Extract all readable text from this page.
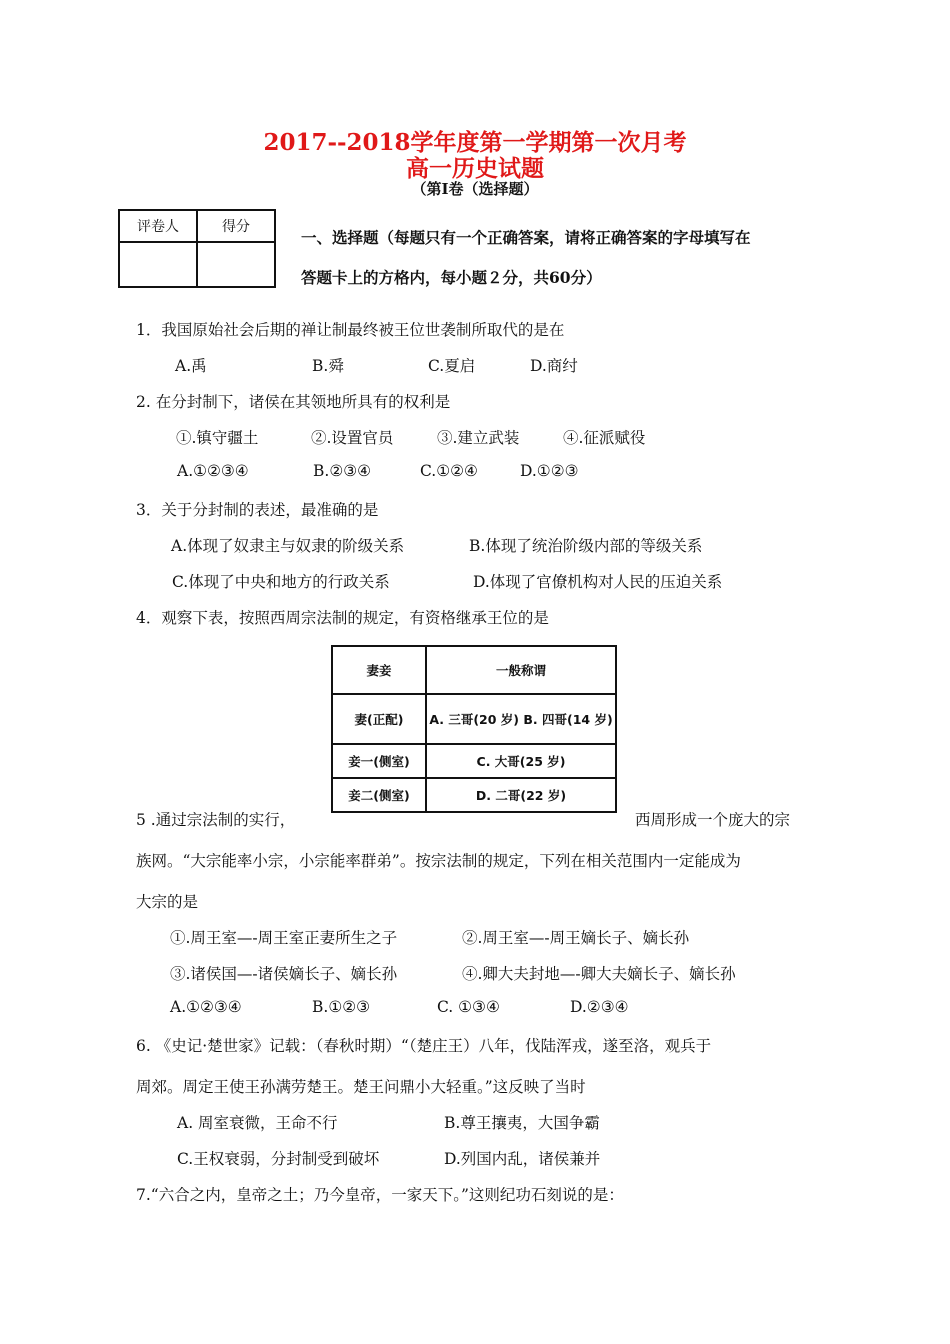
2017--2018学年度第一学期第一次月考
高一历史试题
（第Ⅰ卷（选择题）
评卷人	得分

一、选择题（每题只有一个正确答案，请将正确答案的字母填写在
答题卡上的方格内，每小题２分，共60分）
1．我国原始社会后期的禅让制最终被王位世袭制所取代的是在
A.禹	B.舜	C.夏启	D.商纣
2. 在分封制下，诸侯在其领地所具有的权利是
①.镇守疆土	②.设置官员	③.建立武装	④.征派赋役
A.①②③④	B.②③④	C.①②④	D.①②③
3．关于分封制的表述，最准确的是
A.体现了奴隶主与奴隶的阶级关系	B.体现了统治阶级内部的等级关系
C.体现了中央和地方的行政关系	D.体现了官僚机构对人民的压迫关系
4．观察下表，按照西周宗法制的规定，有资格继承王位的是
妻妾	一般称谓
妻(正配)	A. 三哥(20 岁) B. 四哥(14 岁)
妾一(侧室)	C. 大哥(25 岁)
妾二(侧室)	D. 二哥(22 岁)
5 .通过宗法制的实行，	西周形成一个庞大的宗
族网。“大宗能率小宗，小宗能率群弟”。按宗法制的规定，下列在相关范围内一定能成为
大宗的是
①.周王室—-周王室正妻所生之子	②.周王室—-周王嫡长子、嫡长孙
③.诸侯国—-诸侯嫡长子、嫡长孙	④.卿大夫封地—-卿大夫嫡长子、嫡长孙
A.①②③④	B.①②③	C. ①③④	D.②③④
6. 《史记·楚世家》记载：（春秋时期）“（楚庄王）八年，伐陆浑戎，遂至洛，观兵于
周郊。周定王使王孙满劳楚王。楚王问鼎小大轻重。”这反映了当时
A. 周室衰微，王命不行	B.尊王攘夷，大国争霸
C.王权衰弱，分封制受到破坏	D.列国内乱，诸侯兼并
7.“六合之内，皇帝之土；乃今皇帝，一家天下。”这则纪功石刻说的是：
